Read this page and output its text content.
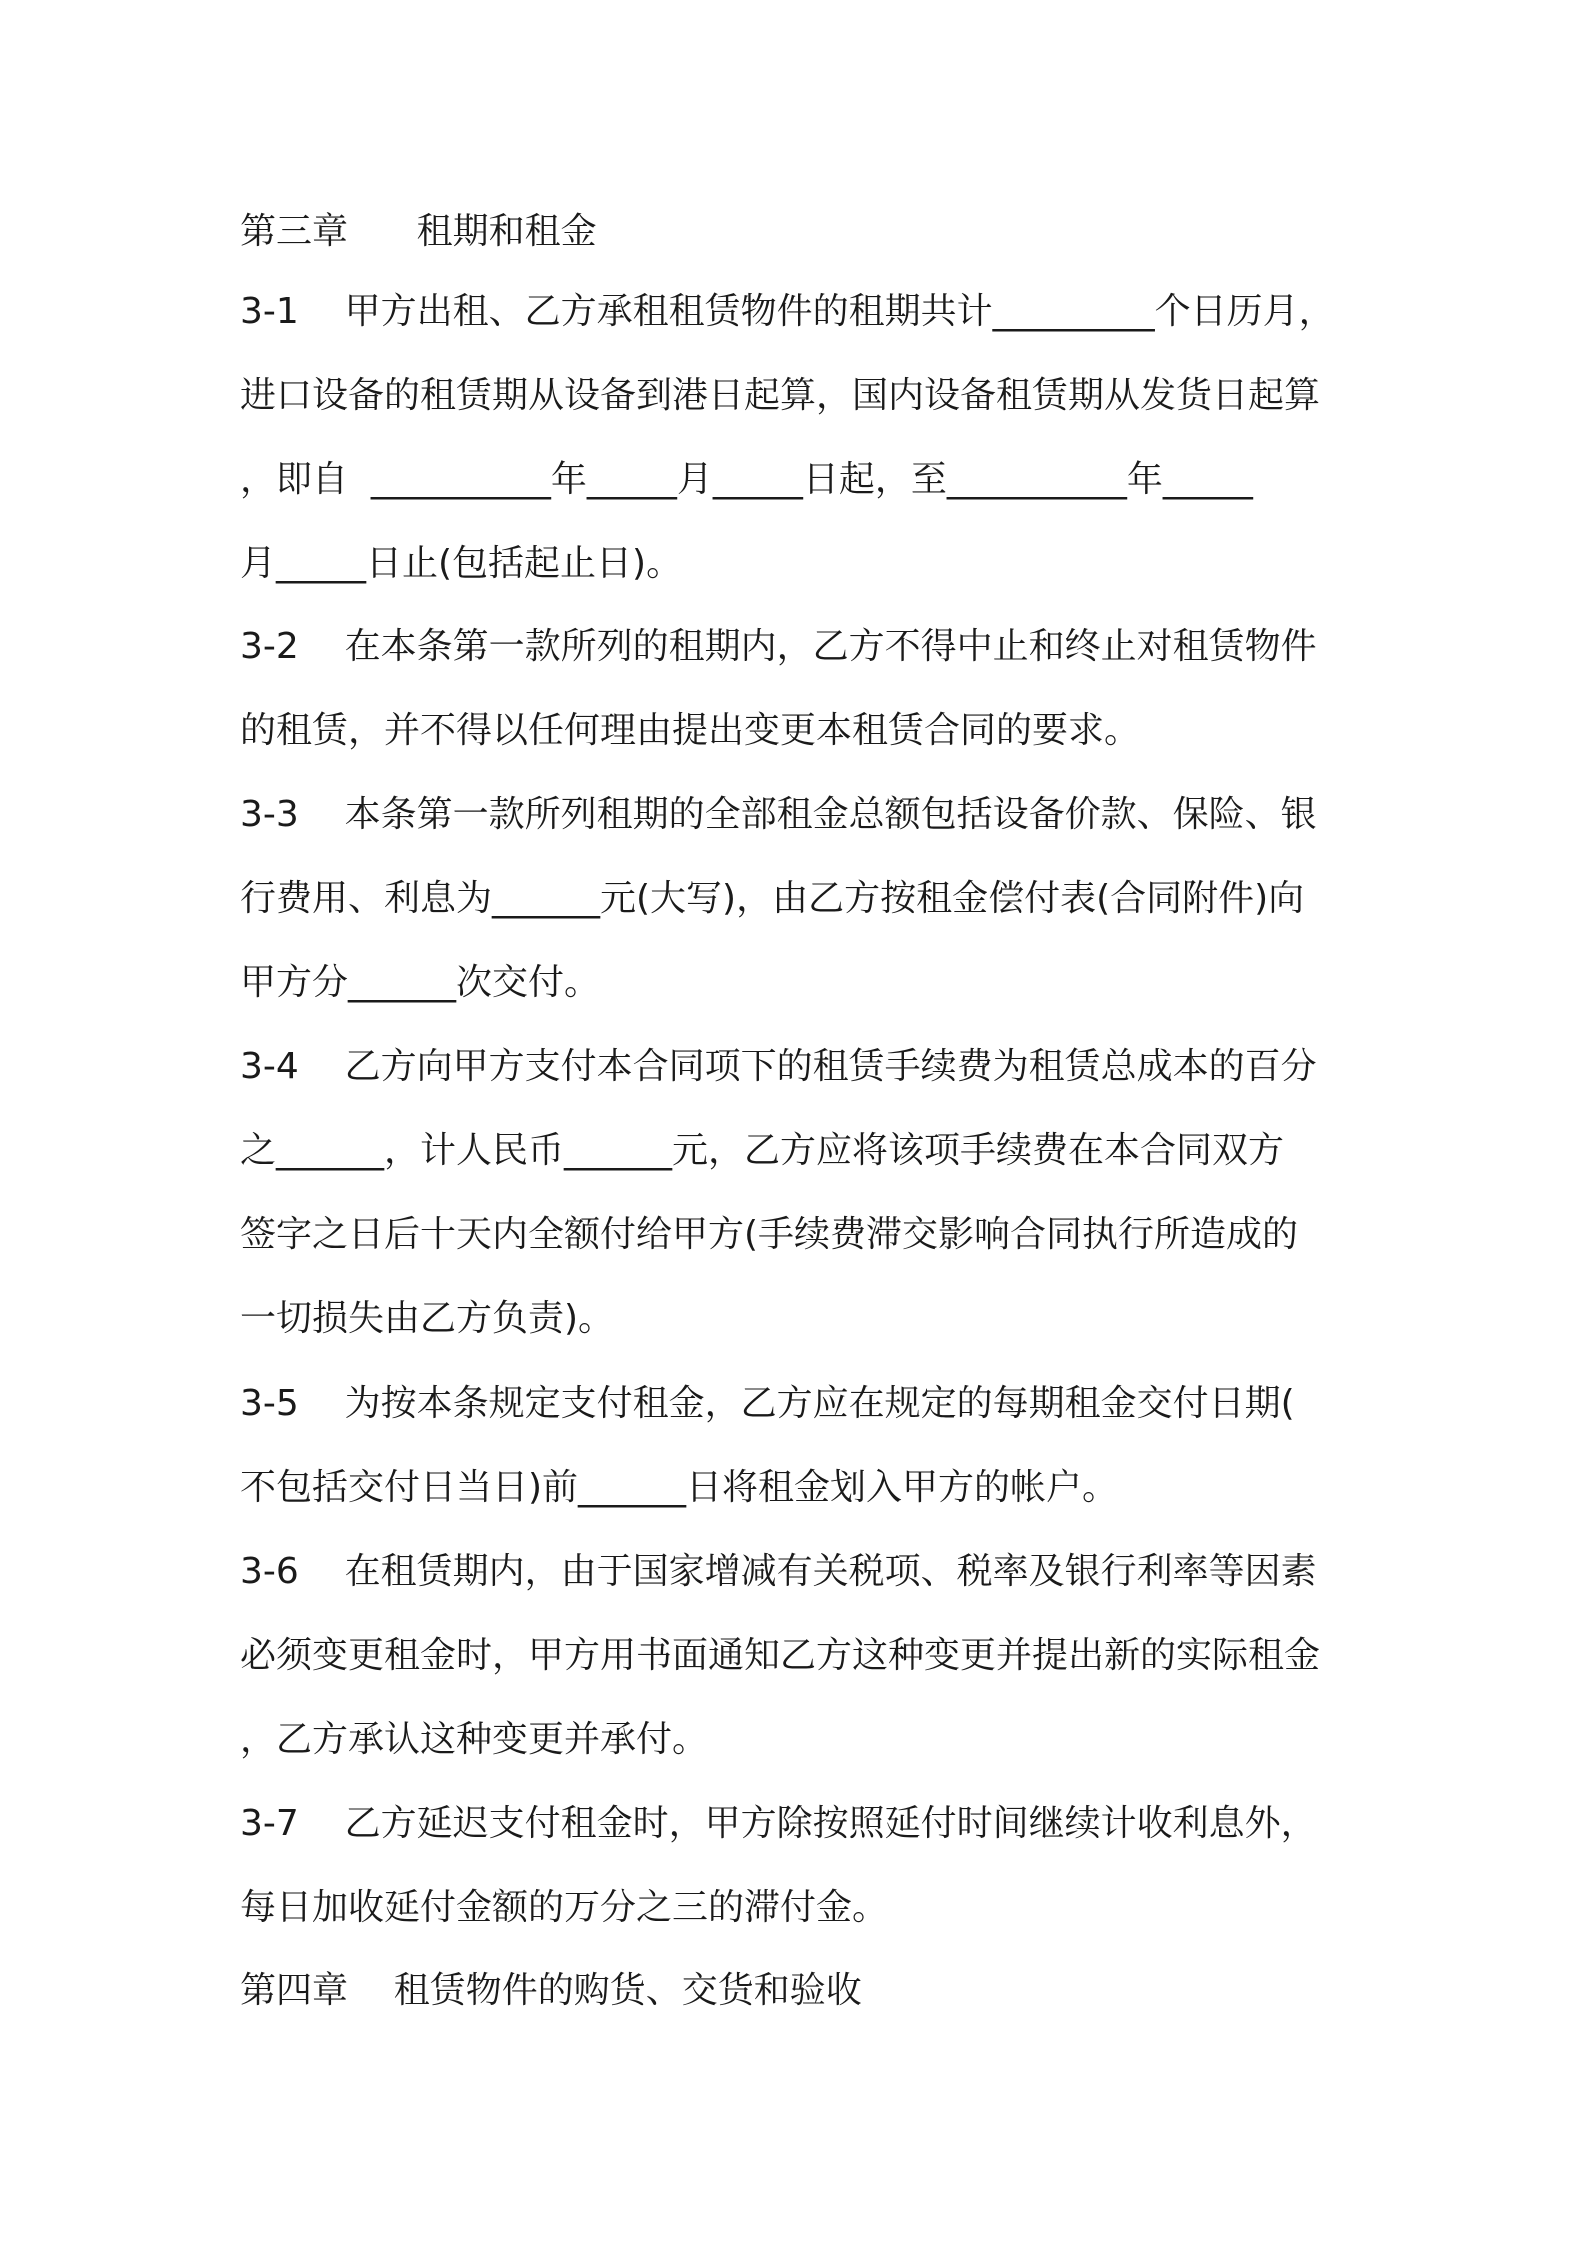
第三章      租期和租金
3-1    甲方出租、乙方承租租赁物件的租期共计_________个日历月，
进口设备的租赁期从设备到港日起算，国内设备租赁期从发货日起算
，即自  __________年_____月_____日起，至__________年_____
月_____日止(包括起止日)。
3-2    在本条第一款所列的租期内，乙方不得中止和终止对租赁物件
的租赁，并不得以任何理由提出变更本租赁合同的要求。
3-3    本条第一款所列租期的全部租金总额包括设备价款、保险、银
行费用、利息为______元(大写)，由乙方按租金偿付表(合同附件)向
甲方分______次交付。
3-4    乙方向甲方支付本合同项下的租赁手续费为租赁总成本的百分
之______，计人民币______元，乙方应将该项手续费在本合同双方
签字之日后十天内全额付给甲方(手续费滞交影响合同执行所造成的
一切损失由乙方负责)。
3-5    为按本条规定支付租金，乙方应在规定的每期租金交付日期(
不包括交付日当日)前______日将租金划入甲方的帐户。
3-6    在租赁期内，由于国家增减有关税项、税率及银行利率等因素
必须变更租金时，甲方用书面通知乙方这种变更并提出新的实际租金
，乙方承认这种变更并承付。
3-7    乙方延迟支付租金时，甲方除按照延付时间继续计收利息外，
每日加收延付金额的万分之三的滞付金。
第四章    租赁物件的购货、交货和验收
